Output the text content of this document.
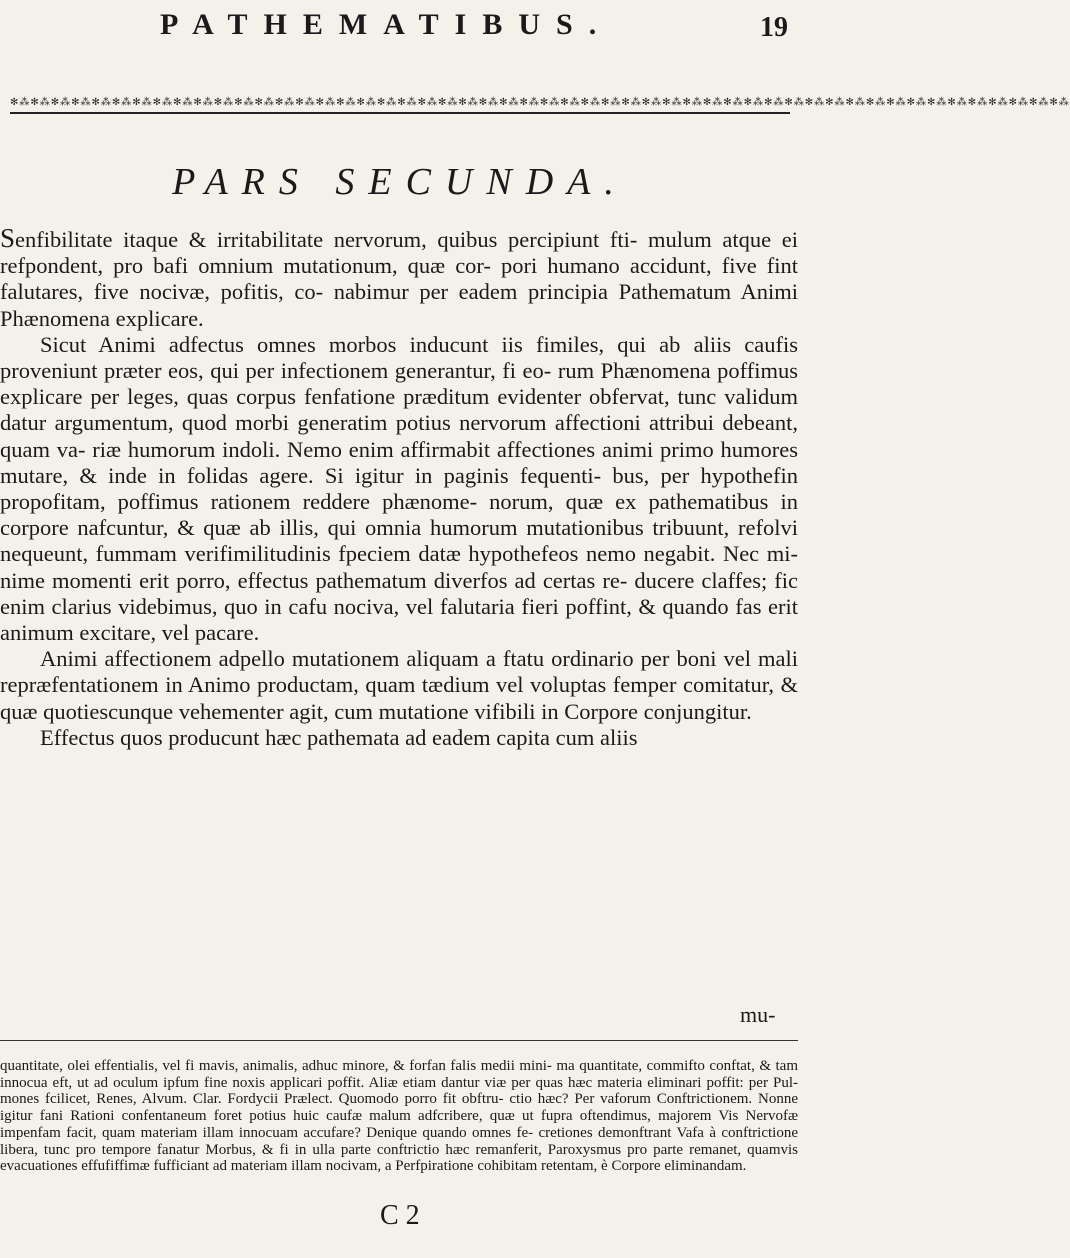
PATHEMATIBUS.	19
✻⁂✻⁂✻⁂✻⁂✻⁂✻⁂✻⁂✻⁂✻⁂✻⁂✻⁂✻⁂✻⁂✻⁂✻⁂✻⁂✻⁂✻⁂✻⁂✻⁂✻⁂✻⁂✻⁂✻⁂✻⁂✻⁂✻⁂✻⁂✻⁂✻⁂✻⁂✻⁂✻⁂✻⁂✻⁂✻⁂✻⁂✻⁂✻⁂✻⁂✻⁂✻⁂✻⁂✻⁂✻⁂✻⁂✻⁂✻⁂✻⁂✻⁂✻⁂✻⁂
PARS SECUNDA.

Senfibilitate itaque & irritabilitate nervorum, quibus percipiunt fti- mulum atque ei refpondent, pro bafi omnium mutationum, quæ cor- pori humano accidunt, five fint falutares, five nocivæ, pofitis, co- nabimur per eadem principia Pathematum Animi Phænomena explicare.

Sicut Animi adfectus omnes morbos inducunt iis fimiles, qui ab aliis caufis proveniunt præter eos, qui per infectionem generantur, fi eo- rum Phænomena poffimus explicare per leges, quas corpus fenfatione præditum evidenter obfervat, tunc validum datur argumentum, quod morbi generatim potius nervorum affectioni attribui debeant, quam va- riæ humorum indoli. Nemo enim affirmabit affectiones animi primo humores mutare, & inde in folidas agere. Si igitur in paginis fequenti- bus, per hypothefin propofitam, poffimus rationem reddere phænome- norum, quæ ex pathematibus in corpore nafcuntur, & quæ ab illis, qui omnia humorum mutationibus tribuunt, refolvi nequeunt, fummam verifimilitudinis fpeciem datæ hypothefeos nemo negabit. Nec mi- nime momenti erit porro, effectus pathematum diverfos ad certas re- ducere claffes; fic enim clarius videbimus, quo in cafu nociva, vel falutaria fieri poffint, & quando fas erit animum excitare, vel pacare.

Animi affectionem adpello mutationem aliquam a ftatu ordinario per boni vel mali repræfentationem in Animo productam, quam tædium vel voluptas femper comitatur, & quæ quotiescunque vehementer agit, cum mutatione vifibili in Corpore conjungitur.

Effectus quos producunt hæc pathemata ad eadem capita cum aliis

mu-

quantitate, olei effentialis, vel fi mavis, animalis, adhuc minore, & forfan falis medii mini- ma quantitate, commifto conftat, & tam innocua eft, ut ad oculum ipfum fine noxis applicari poffit. Aliæ etiam dantur viæ per quas hæc materia eliminari poffit: per Pul- mones fcilicet, Renes, Alvum. Clar. Fordycii Prælect. Quomodo porro fit obftru- ctio hæc? Per vaforum Conftrictionem. Nonne igitur fani Rationi confentaneum foret potius huic caufæ malum adfcribere, quæ ut fupra oftendimus, majorem Vis Nervofæ impenfam facit, quam materiam illam innocuam accufare? Denique quando omnes fe- cretiones demonftrant Vafa à conftrictione libera, tunc pro tempore fanatur Morbus, & fi in ulla parte conftrictio hæc remanferit, Paroxysmus pro parte remanet, quamvis evacuationes effufiffimæ fufficiant ad materiam illam nocivam, a Perfpiratione cohibitam retentam, è Corpore eliminandam.

C 2
